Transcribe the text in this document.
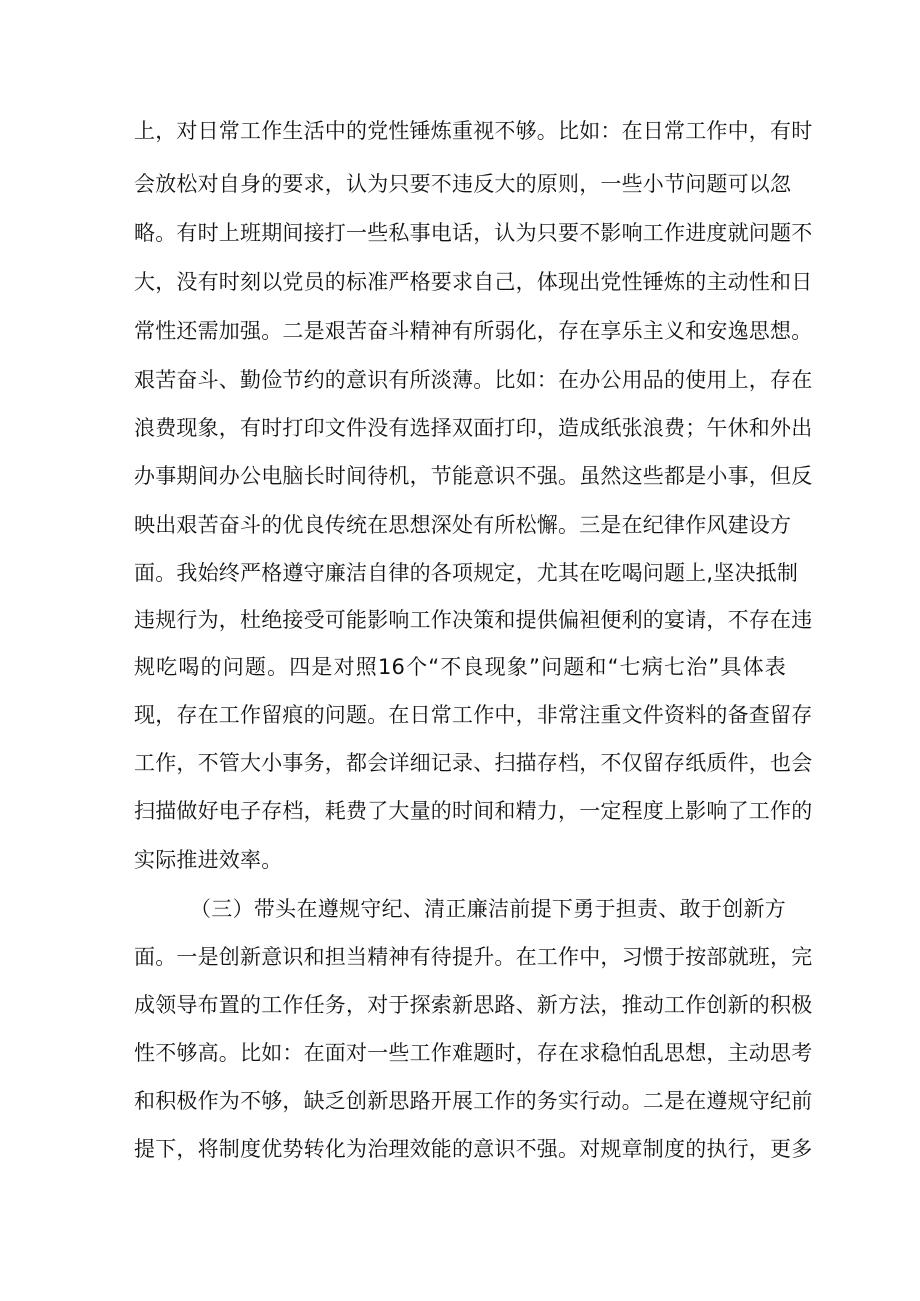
上，对日常工作生活中的党性锤炼重视不够。比如：在日常工作中，有时
会放松对自身的要求，认为只要不违反大的原则，一些小节问题可以忽
略。有时上班期间接打一些私事电话，认为只要不影响工作进度就问题不
大，没有时刻以党员的标准严格要求自己，体现出党性锤炼的主动性和日
常性还需加强。二是艰苦奋斗精神有所弱化，存在享乐主义和安逸思想。
艰苦奋斗、勤俭节约的意识有所淡薄。比如：在办公用品的使用上，存在
浪费现象，有时打印文件没有选择双面打印，造成纸张浪费；午休和外出
办事期间办公电脑长时间待机，节能意识不强。虽然这些都是小事，但反
映出艰苦奋斗的优良传统在思想深处有所松懈。三是在纪律作风建设方
面。我始终严格遵守廉洁自律的各项规定，尤其在吃喝问题上,坚决抵制
违规行为，杜绝接受可能影响工作决策和提供偏袒便利的宴请，不存在违
规吃喝的问题。四是对照16个“不良现象”问题和“七病七治”具体表
现，存在工作留痕的问题。在日常工作中，非常注重文件资料的备查留存
工作，不管大小事务，都会详细记录、扫描存档，不仅留存纸质件，也会
扫描做好电子存档，耗费了大量的时间和精力，一定程度上影响了工作的
实际推进效率。
（三）带头在遵规守纪、清正廉洁前提下勇于担责、敢于创新方
面。一是创新意识和担当精神有待提升。在工作中，习惯于按部就班，完
成领导布置的工作任务，对于探索新思路、新方法，推动工作创新的积极
性不够高。比如：在面对一些工作难题时，存在求稳怕乱思想，主动思考
和积极作为不够，缺乏创新思路开展工作的务实行动。二是在遵规守纪前
提下，将制度优势转化为治理效能的意识不强。对规章制度的执行，更多
